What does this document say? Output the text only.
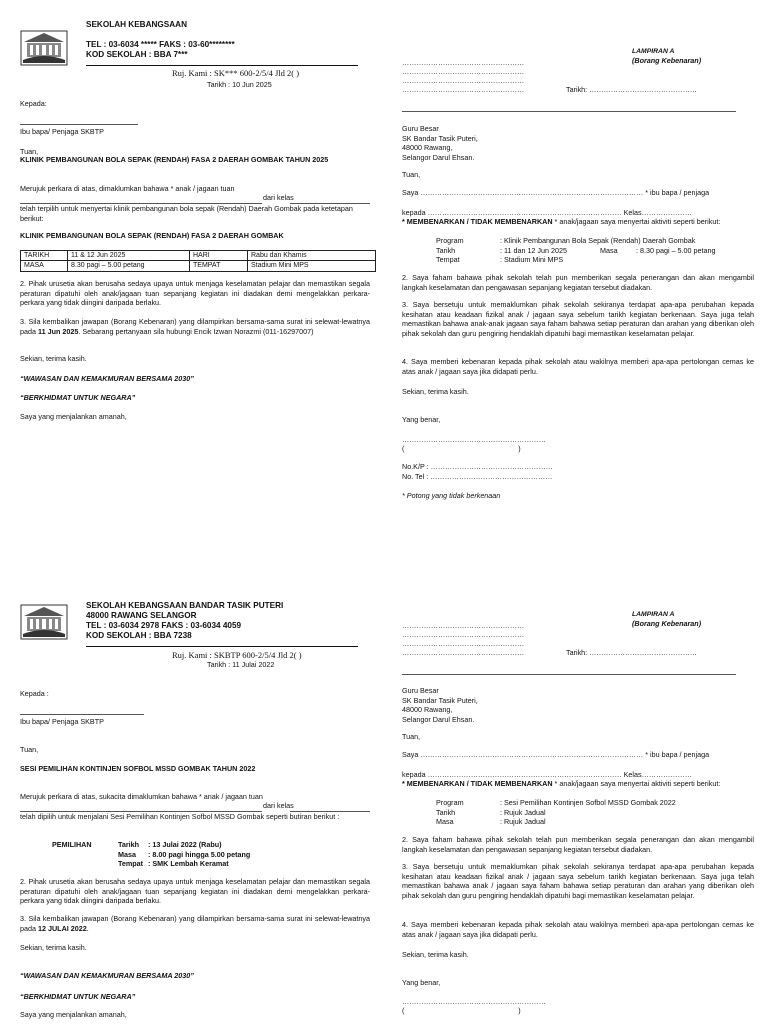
SEKOLAH KEBANGSAAN
TEL : 03-6034 ***** FAKS : 03-60********
KOD SEKOLAH : BBA 7***
Ruj. Kami : SK*** 600-2/5/4 Jld 2( )
Tarikh : 10 Jun 2025
Kepada:
Ibu bapa/ Penjaga SKBTP
Tuan,
KLINIK PEMBANGUNAN BOLA SEPAK (RENDAH) FASA 2 DAERAH GOMBAK TAHUN 2025
Merujuk perkara di atas, dimaklumkan bahawa * anak / jagaan tuan
dari kelas
telah terpilih untuk menyertai klinik pembangunan bola sepak (Rendah) Daerah Gombak pada ketetapan berikut:
KLINIK PEMBANGUNAN BOLA SEPAK (RENDAH) FASA 2 DAERAH GOMBAK
TARIKH	11 & 12 Jun 2025	HARI	Rabu dan Khamis
MASA	8.30 pagi – 5.00 petang	TEMPAT	Stadium Mini MPS
2. Pihak urusetia akan berusaha sedaya upaya untuk menjaga keselamatan pelajar dan memastikan segala peraturan dipatuhi oleh anak/jagaan tuan sepanjang kegiatan ini diadakan demi mengelakkan perkara-perkara yang tidak diingini daripada berlaku.
3. Sila kembalikan jawapan (Borang Kebenaran) yang dilampirkan bersama-sama surat ini selewat-lewatnya pada 11 Jun 2025. Sebarang pertanyaan sila hubungi Encik Izwan Norazmi (011-16297007)
Sekian, terima kasih.
“WAWASAN DAN KEMAKMURAN BERSAMA 2030”
“BERKHIDMAT UNTUK NEGARA”
Saya yang menjalankan amanah,
LAMPIRAN A
(Borang Kebenaran)
……………………………………………
……………………………………………
……………………………………………
……………………………………………	Tarikh: ………………………………………
Guru Besar
SK Bandar Tasik Puteri,
48000 Rawang,
Selangor Darul Ehsan.
Tuan,
Saya ………………………………………………………………………………… * ibu bapa / penjaga
kepada ……………………………………………………………………… Kelas…………………
* MEMBENARKAN / TIDAK MEMBENARKAN * anak/jagaan saya menyertai aktiviti seperti berikut:
Program	: Klinik Pembangunan Bola Sepak (Rendah) Daerah Gombak
Tarikh	: 11 dan 12 Jun 2025	Masa	: 8.30 pagi – 5.00 petang
Tempat	: Stadium Mini MPS
2. Saya faham bahawa pihak sekolah telah pun memberikan segala penerangan dan akan mengambil langkah keselamatan dan pengawasan sepanjang kegiatan tersebut diadakan.
3. Saya bersetuju untuk memaklumkan pihak sekolah sekiranya terdapat apa-apa perubahan kepada kesihatan atau keadaan fizikal anak / jagaan saya sebelum tarikh kegiatan berkenaan. Saya juga telah memastikan bahawa anak-anak jagaan saya faham bahawa setiap peraturan dan arahan yang diberikan oleh pihak sekolah dan guru pengiring hendaklah dipatuhi bagi memastikan keselamatan pelajar.
4. Saya memberi kebenaran kepada pihak sekolah atau wakilnya memberi apa-apa pertolongan cemas ke atas anak / jagaan saya jika didapati perlu.
Sekian, terima kasih.
Yang benar,
……………………………………………………
(                                                         )
No.K/P : ……………………………………………
No. Tel : ……………………………………………
* Potong yang tidak berkenaan
SEKOLAH KEBANGSAAN BANDAR TASIK PUTERI
48000 RAWANG SELANGOR
TEL : 03-6034 2978 FAKS : 03-6034 4059
KOD SEKOLAH : BBA 7238
Ruj. Kami : SKBTP 600-2/5/4 Jld 2( )
Tarikh : 11 Julai 2022
Kepada :
Ibu bapa/ Penjaga SKBTP
Tuan,
SESI PEMILIHAN KONTINJEN SOFBOL MSSD GOMBAK TAHUN 2022
Merujuk perkara di atas, sukacita dimaklumkan bahawa * anak / jagaan tuan
dari kelas
telah dipilih untuk menjalani Sesi Pemilihan Kontinjen Sofbol MSSD Gombak seperti butiran berikut :
PEMILIHAN	Tarikh	: 13 Julai 2022 (Rabu)
Masa	: 8.00 pagi hingga 5.00 petang
Tempat : SMK Lembah Keramat
2. Pihak urusetia akan berusaha sedaya upaya untuk menjaga keselamatan pelajar dan memastikan segala peraturan dipatuhi oleh anak/jagaan tuan sepanjang kegiatan ini diadakan demi mengelakkan perkara-perkara yang tidak diingini daripada berlaku.
3. Sila kembalikan jawapan (Borang Kebenaran) yang dilampirkan bersama-sama surat ini selewat-lewatnya pada 12 JULAI 2022.
Sekian, terima kasih.
“WAWASAN DAN KEMAKMURAN BERSAMA 2030”
“BERKHIDMAT UNTUK NEGARA”
Saya yang menjalankan amanah,
LAMPIRAN A
(Borang Kebenaran)
……………………………………………
……………………………………………
……………………………………………
……………………………………………	Tarikh: ………………………………………
Guru Besar
SK Bandar Tasik Puteri,
48000 Rawang,
Selangor Darul Ehsan.
Tuan,
Saya ………………………………………………………………………………… * ibu bapa / penjaga
kepada ……………………………………………………………………… Kelas…………………
* MEMBENARKAN / TIDAK MEMBENARKAN * anak/jagaan saya menyertai aktiviti seperti berikut:
Program	: Sesi Pemilihan Kontinjen Sofbol MSSD Gombak 2022
Tarikh	: Rujuk Jadual
Masa	: Rujuk Jadual
2. Saya faham bahawa pihak sekolah telah pun memberikan segala penerangan dan akan mengambil langkah keselamatan dan pengawasan sepanjang kegiatan tersebut diadakan.
3. Saya bersetuju untuk memaklumkan pihak sekolah sekiranya terdapat apa-apa perubahan kepada kesihatan atau keadaan fizikal anak / jagaan saya sebelum tarikh kegiatan berkenaan. Saya juga telah memastikan bahawa anak / jagaan saya faham bahawa setiap peraturan dan arahan yang diberikan oleh pihak sekolah dan guru pengiring hendaklah dipatuhi bagi memastikan keselamatan pelajar.
4. Saya memberi kebenaran kepada pihak sekolah atau wakilnya memberi apa-apa pertolongan cemas ke atas anak / jagaan saya jika didapati perlu.
Sekian, terima kasih.
Yang benar,
……………………………………………………
(                                                         )
